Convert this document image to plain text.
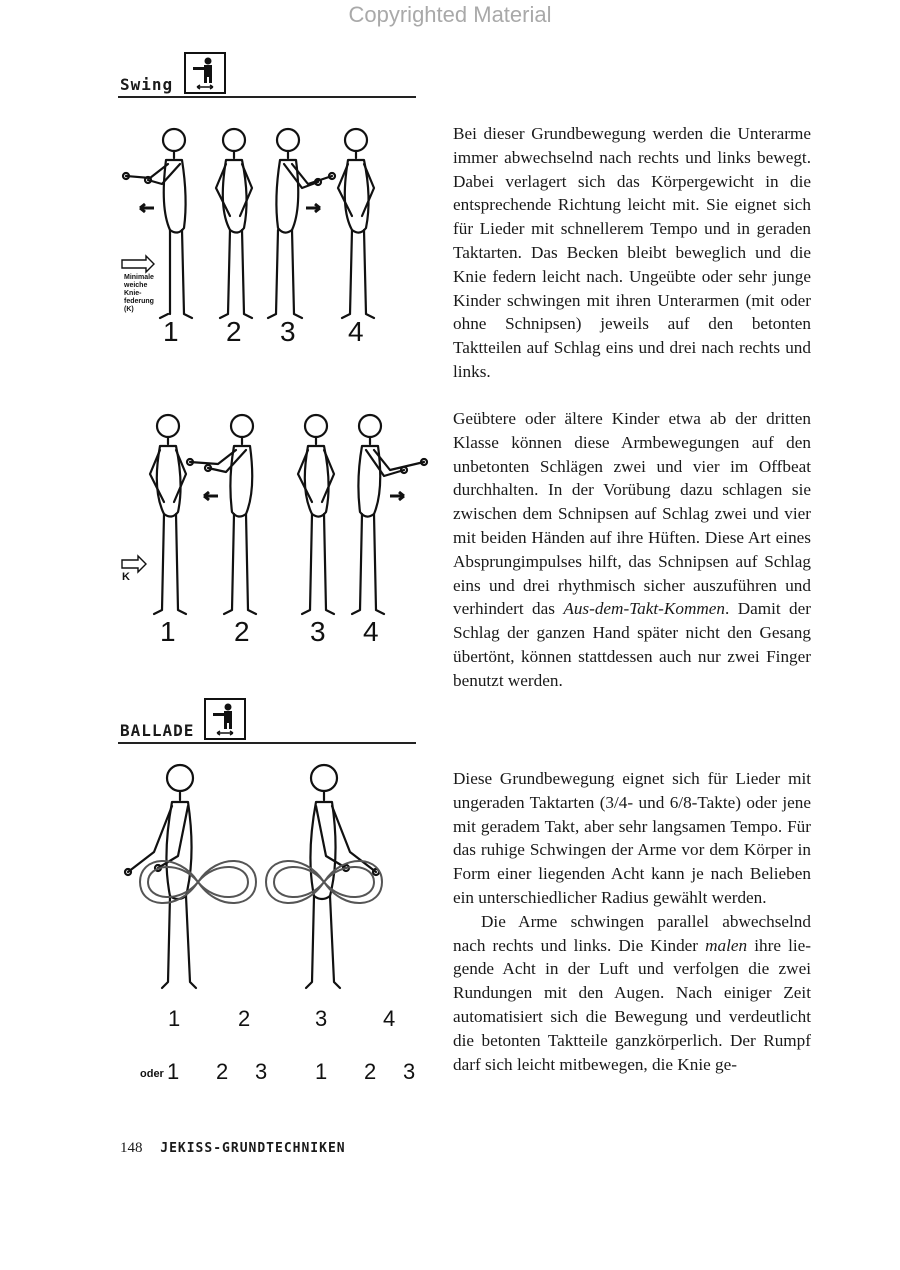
Copyrighted Material
Swing
Minimale
weiche
Knie-
federung
(K)
1 2 3 4

Bei dieser Grundbewegung werden die Unterarme immer abwechselnd nach rechts und links bewegt. Dabei verlagert sich das Körpergewicht in die entsprechende Richtung leicht mit. Sie eignet sich für Lieder mit schnellerem Tempo und in geraden Taktarten. Das Becken bleibt beweglich und die Knie federn leicht nach. Ungeübte oder sehr junge Kinder schwingen mit ihren Unterarmen (mit oder ohne Schnipsen) jeweils auf den betonten Taktteilen auf Schlag eins und drei nach rechts und links.

K
1 2 3 4

Geübtere oder ältere Kinder etwa ab der dritten Klasse können diese Armbewegungen auf den unbetonten Schlägen zwei und vier im Offbeat durchhalten. In der Vorübung dazu schlagen sie zwischen dem Schnipsen auf Schlag zwei und vier mit beiden Händen auf ihre Hüften. Diese Art eines Absprungimpulses hilft, das Schnipsen auf Schlag eins und drei rhythmisch sicher auszuführen und verhindert das Aus-dem-Takt-Kommen. Damit der Schlag der ganzen Hand später nicht den Gesang übertönt, können stattdessen auch nur zwei Finger benutzt werden.

BALLADE
1	2	3	4
oder 1 2 3 1 2 3

Diese Grundbewegung eignet sich für Lieder mit ungeraden Taktarten (3/4- und 6/8-Takte) oder jene mit geradem Takt, aber sehr langsamen Tempo. Für das ruhige Schwingen der Arme vor dem Körper in Form einer liegenden Acht kann je nach Belieben ein unterschiedlicher Radius gewählt werden.

Die Arme schwingen parallel abwechselnd nach rechts und links. Die Kinder malen ihre liegende Acht in der Luft und verfolgen die zwei Rundungen mit den Augen. Nach einiger Zeit automatisiert sich die Bewegung und verdeutlicht die betonten Taktteile ganzkörperlich. Der Rumpf darf sich leicht mitbewegen, die Knie ge-

148 JEKISS-GRUNDTECHNIKEN
